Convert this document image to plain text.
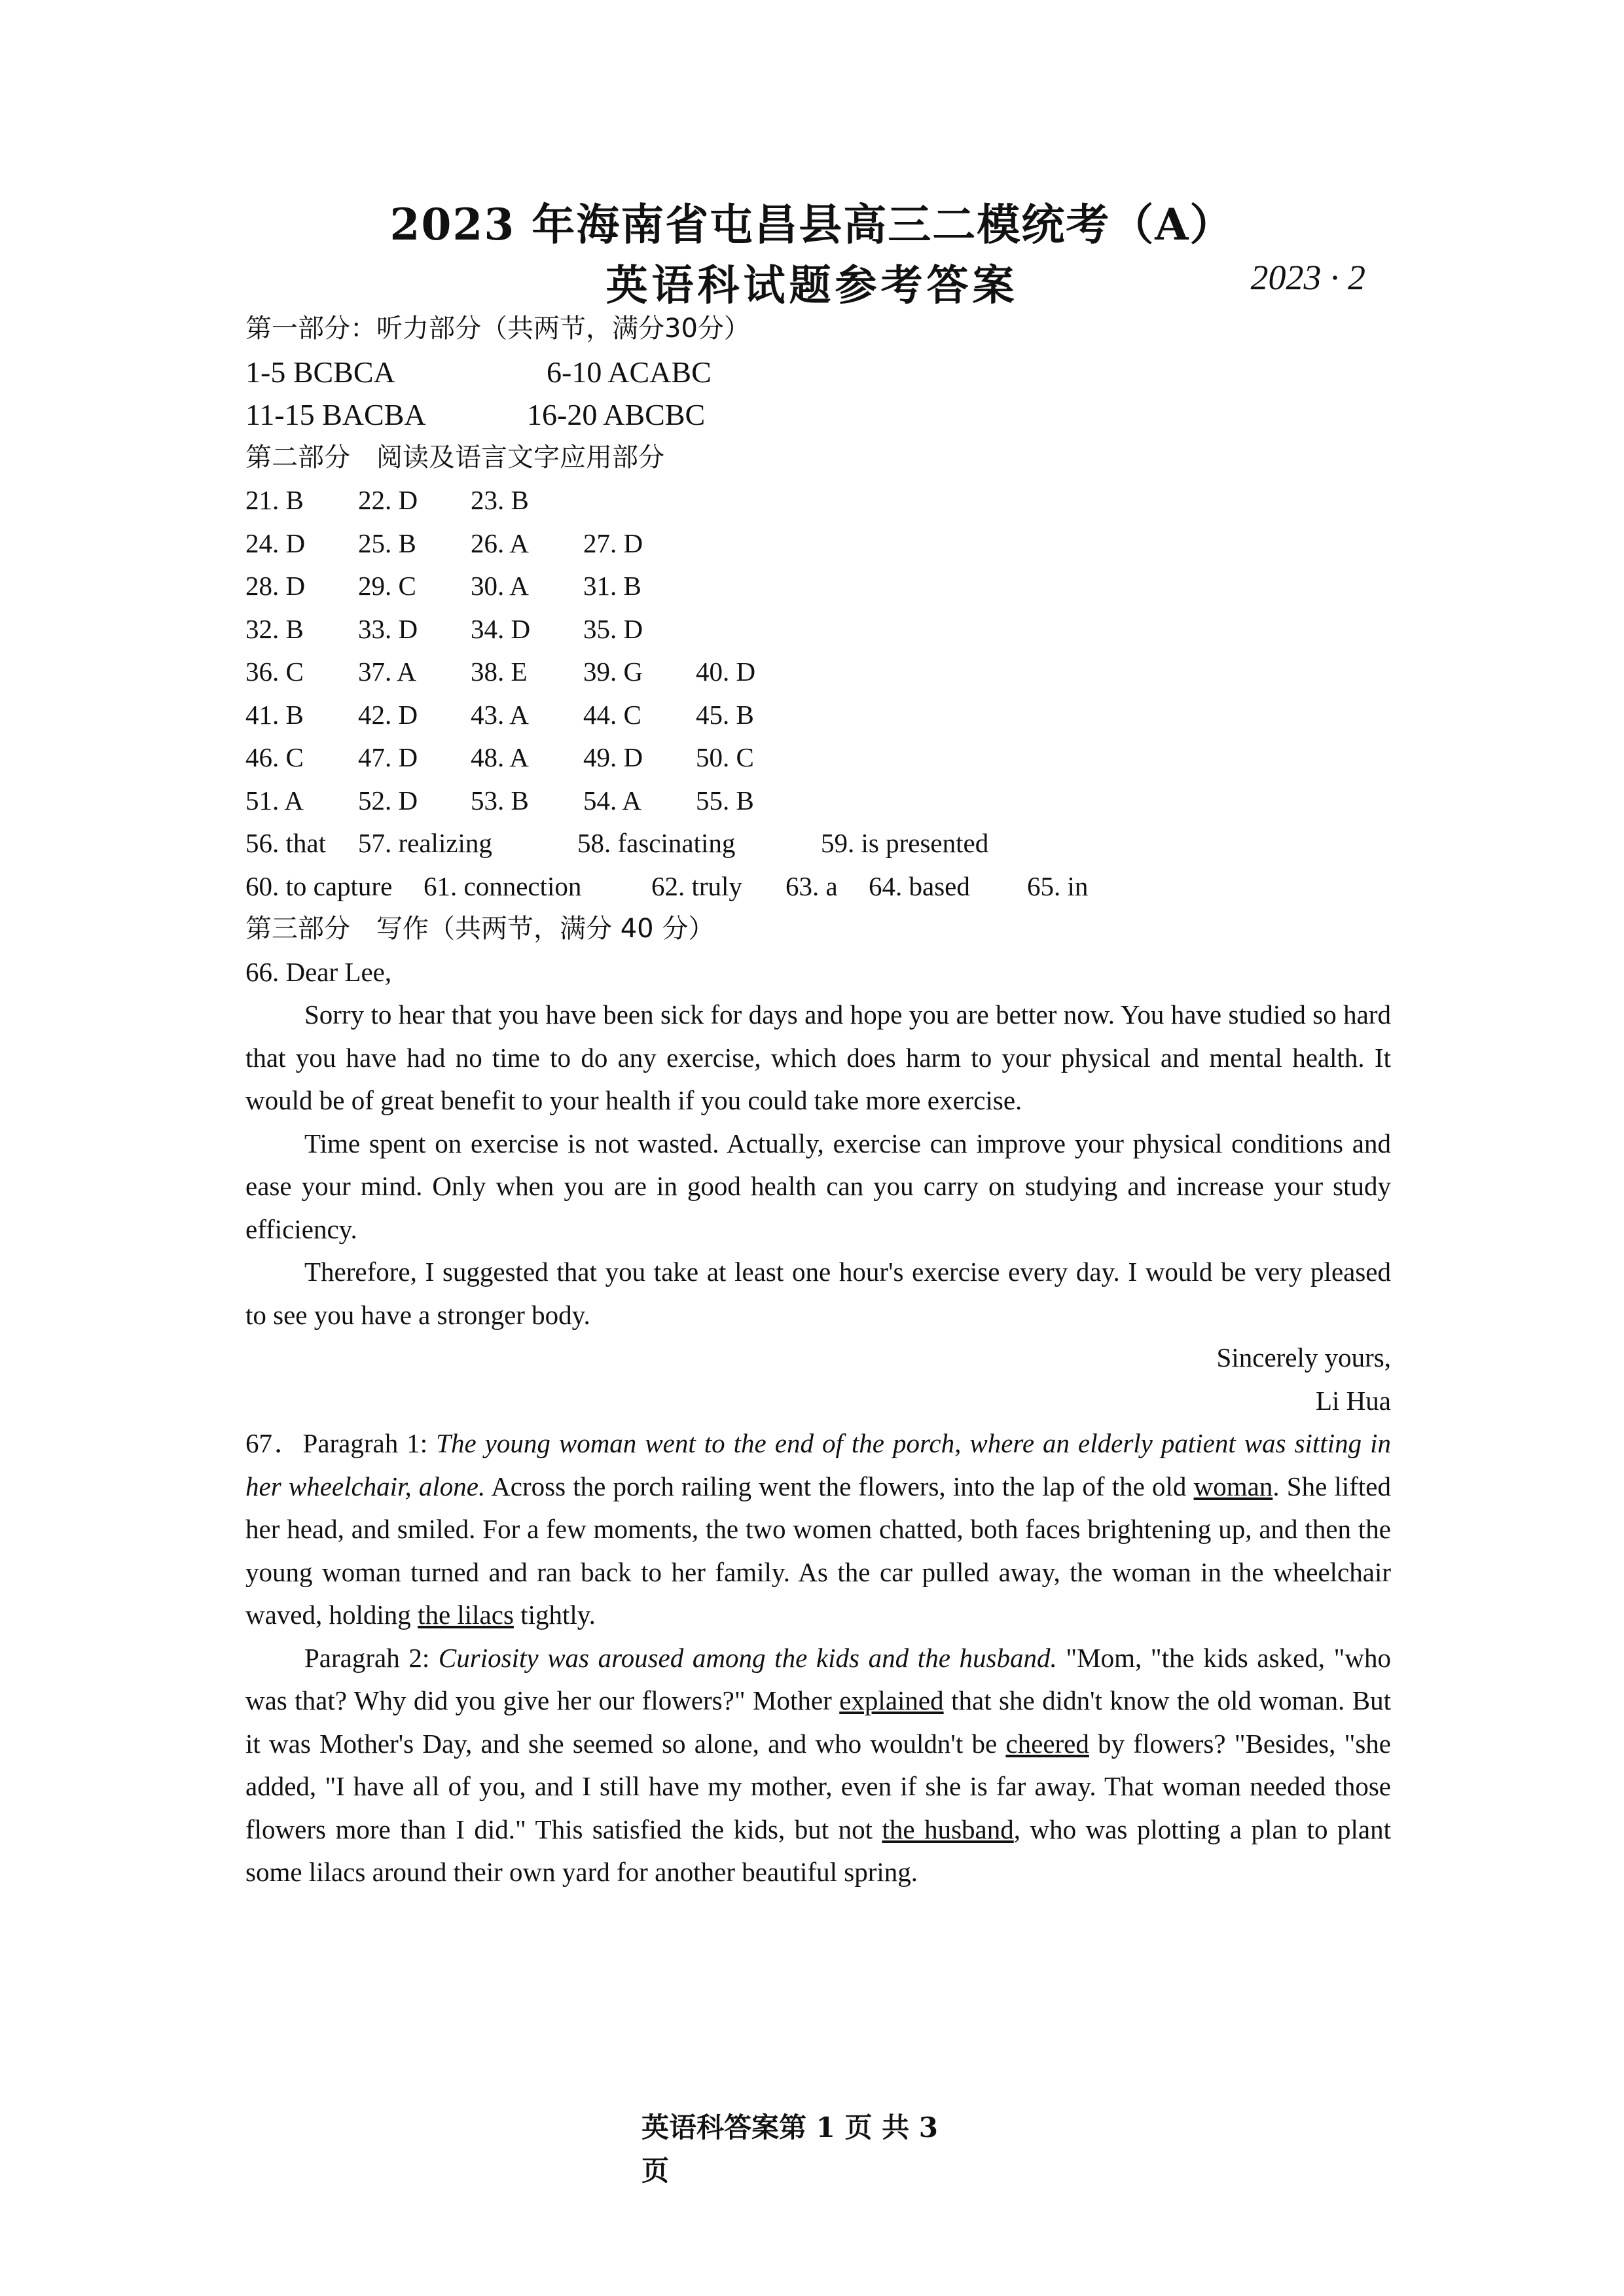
2023 年海南省屯昌县高三二模统考（A）
英语科试题参考答案	2023 · 2
第一部分：听力部分（共两节，满分30分）
1-5 BCBCA	6-10 ACABC
11-15 BACBA	16-20 ABCBC
第二部分　阅读及语言文字应用部分
21. B 22. D 23. B
24. D 25. B 26. A 27. D
28. D 29. C 30. A 31. B
32. B 33. D 34. D 35. D
36. C 37. A 38. E 39. G 40. D
41. B 42. D 43. A 44. C 45. B
46. C 47. D 48. A 49. D 50. C
51. A 52. D 53. B 54. A 55. B
56. that 57. realizing	58. fascinating	59. is presented
60. to capture 61. connection	62. truly 63. a 64. based 65. in
第三部分　写作（共两节，满分 40 分）
66. Dear Lee,
Sorry to hear that you have been sick for days and hope you are better now. You have studied so hard that you have had no time to do any exercise, which does harm to your physical and mental health. It would be of great benefit to your health if you could take more exercise.
Time spent on exercise is not wasted. Actually, exercise can improve your physical conditions and ease your mind. Only when you are in good health can you carry on studying and increase your study efficiency.
Therefore, I suggested that you take at least one hour's exercise every day. I would be very pleased to see you have a stronger body.
Sincerely yours,
Li Hua
67．Paragrah 1: The young woman went to the end of the porch, where an elderly patient was sitting in her wheelchair, alone. Across the porch railing went the flowers, into the lap of the old woman. She lifted her head, and smiled. For a few moments, the two women chatted, both faces brightening up, and then the young woman turned and ran back to her family. As the car pulled away, the woman in the wheelchair waved, holding the lilacs tightly.
Paragrah 2: Curiosity was aroused among the kids and the husband. "Mom, "the kids asked, "who was that? Why did you give her our flowers?" Mother explained that she didn't know the old woman. But it was Mother's Day, and she seemed so alone, and who wouldn't be cheered by flowers? "Besides, "she added, "I have all of you, and I still have my mother, even if she is far away. That woman needed those flowers more than I did." This satisfied the kids, but not the husband, who was plotting a plan to plant some lilacs around their own yard for another beautiful spring.
英语科答案第 1 页 共 3
页
